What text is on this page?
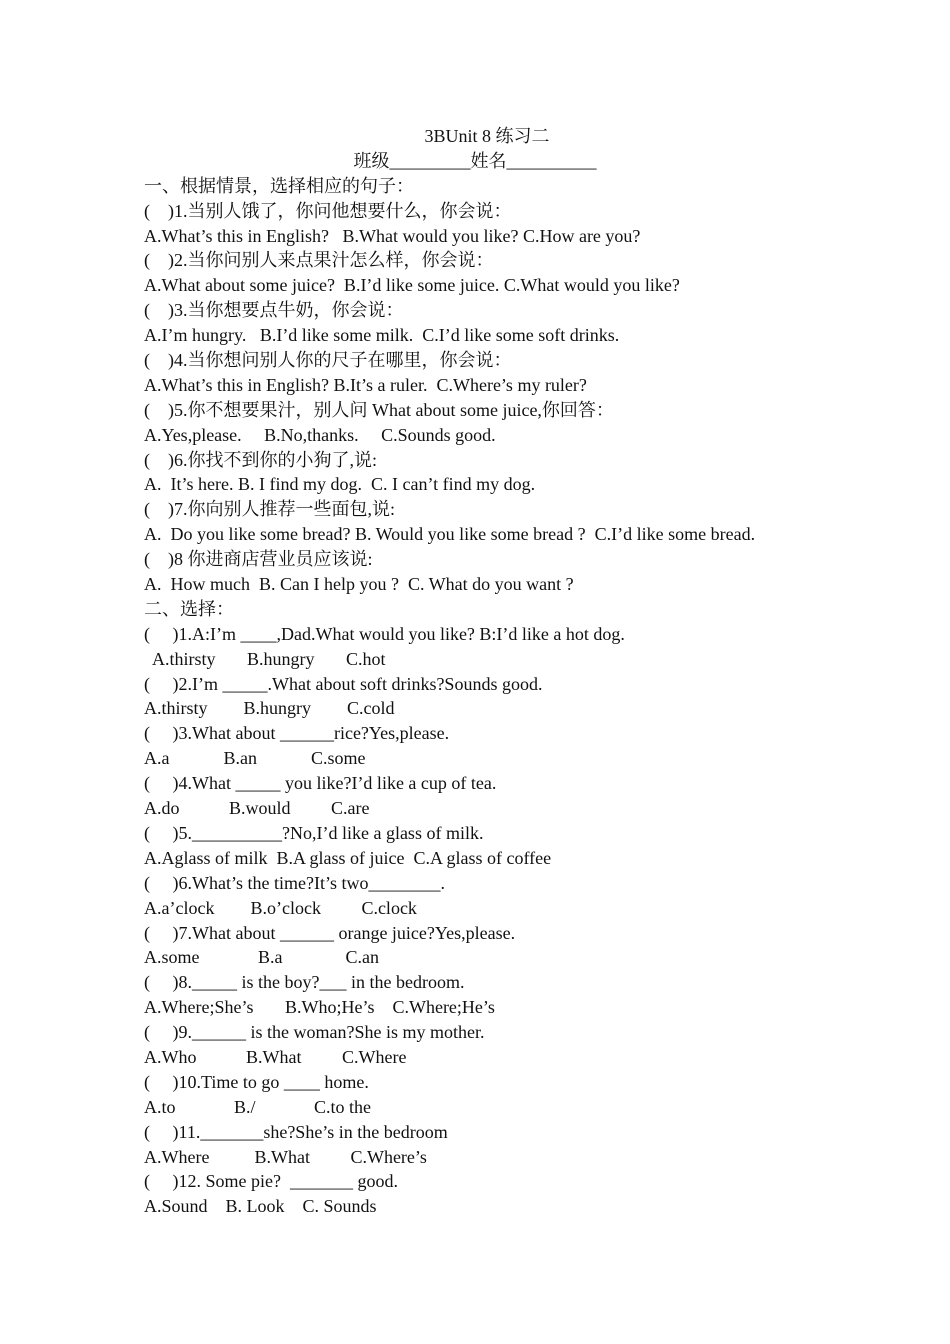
3BUnit 8 练习二
班级_________姓名__________
一、根据情景，选择相应的句子：
(    )1.当别人饿了，你问他想要什么，你会说：
A.What’s this in English?   B.What would you like? C.How are you?
(    )2.当你问别人来点果汁怎么样，你会说：
A.What about some juice?  B.I’d like some juice. C.What would you like?
(    )3.当你想要点牛奶，你会说：
A.I’m hungry.   B.I’d like some milk.  C.I’d like some soft drinks.
(    )4.当你想问别人你的尺子在哪里，你会说：
A.What’s this in English? B.It’s a ruler.  C.Where’s my ruler?
(    )5.你不想要果汁，别人问 What about some juice,你回答：
A.Yes,please.     B.No,thanks.     C.Sounds good.
(    )6.你找不到你的小狗了,说:
A.  It’s here. B. I find my dog.  C. I can’t find my dog.
(    )7.你向别人推荐一些面包,说:
A.  Do you like some bread? B. Would you like some bread ?  C.I’d like some bread.
(    )8 你进商店营业员应该说:
A.  How much  B. Can I help you ?  C. What do you want ?
二、选择：
(     )1.A:I’m ____,Dad.What would you like? B:I’d like a hot dog.
A.thirsty       B.hungry       C.hot
(     )2.I’m _____.What about soft drinks?Sounds good.
A.thirsty        B.hungry        C.cold
(     )3.What about ______rice?Yes,please.
A.a            B.an            C.some
(     )4.What _____ you like?I’d like a cup of tea.
A.do           B.would         C.are
(     )5.__________?No,I’d like a glass of milk.
A.Aglass of milk  B.A glass of juice  C.A glass of coffee
(     )6.What’s the time?It’s two________.
A.a’clock        B.o’clock         C.clock
(     )7.What about ______ orange juice?Yes,please.
A.some             B.a              C.an
(     )8._____ is the boy?___ in the bedroom.
A.Where;She’s       B.Who;He’s    C.Where;He’s
(     )9.______ is the woman?She is my mother.
A.Who           B.What         C.Where
(     )10.Time to go ____ home.
A.to             B./             C.to the
(     )11._______she?She’s in the bedroom
A.Where          B.What         C.Where’s
(     )12. Some pie?  _______ good.
A.Sound    B. Look    C. Sounds
